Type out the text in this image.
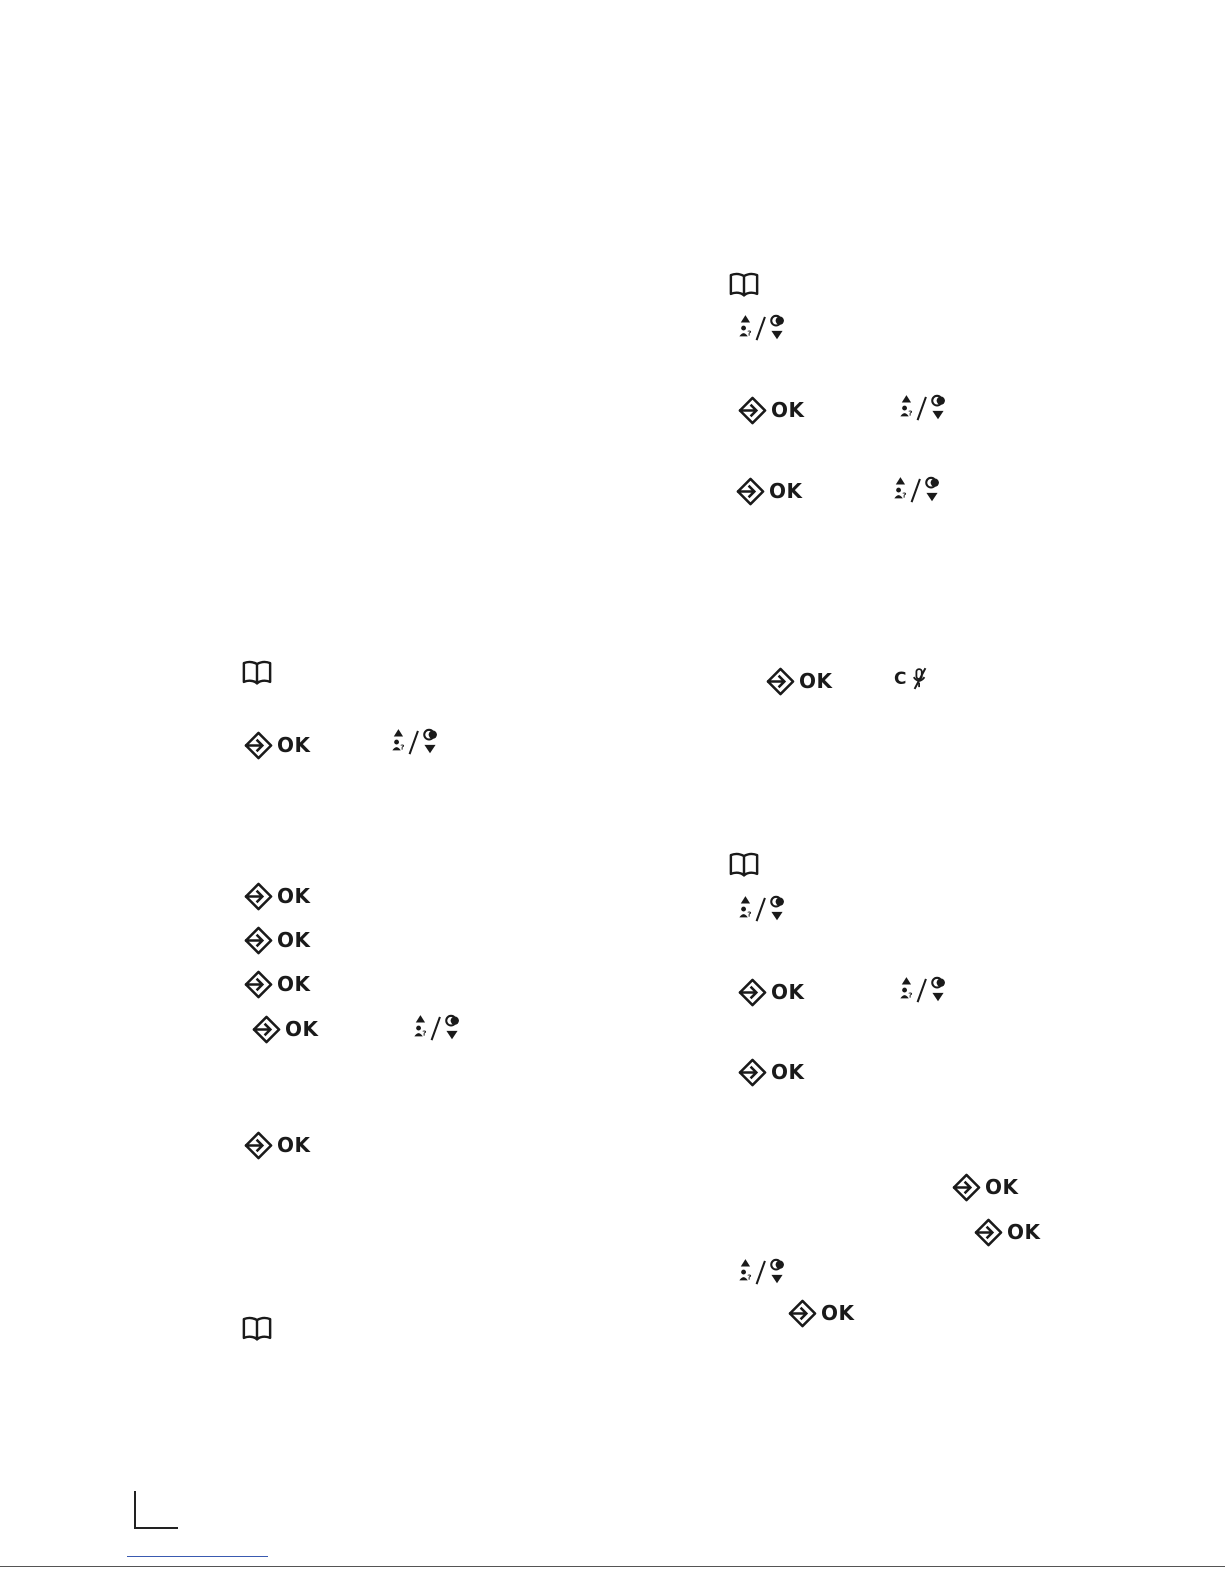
OK
OK
OK
OK
OK
OK
OK
OK
OK	C
OK
OK
OK
OK
OK
